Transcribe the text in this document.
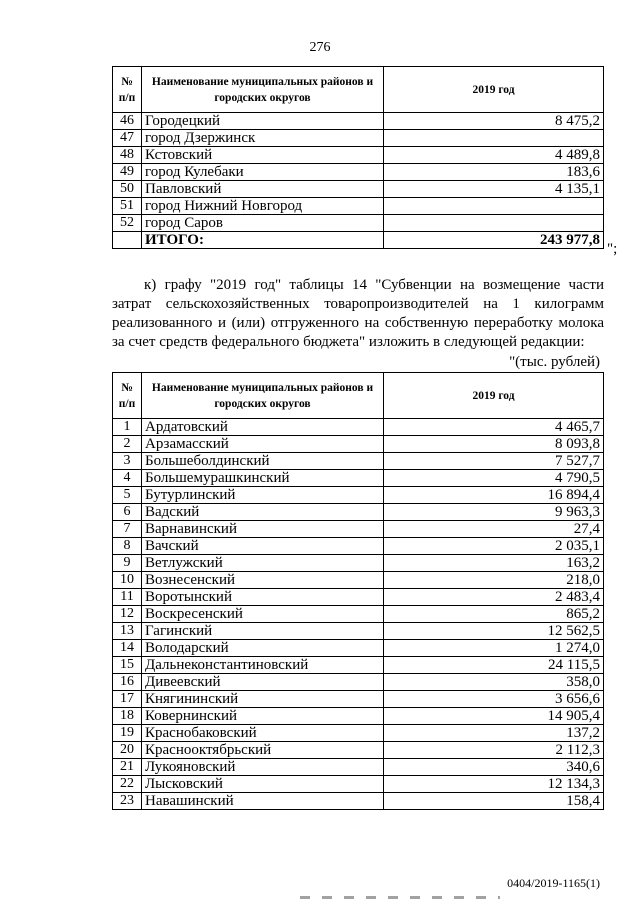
276
№ п/п	Наименование муниципальных районов и городских округов	2019 год
46	Городецкий	8 475,2
47	город Дзержинск	
48	Кстовский	4 489,8
49	город Кулебаки	183,6
50	Павловский	4 135,1
51	город Нижний Новгород	
52	город Саров	
	ИТОГО:	243 977,8
";

к) графу "2019 год" таблицы 14 "Субвенции на возмещение части затрат сельскохозяйственных товаропроизводителей на 1 килограмм реализованного и (или) отгруженного на собственную переработку молока за счет средств федерального бюджета" изложить в следующей редакции:

"(тыс. рублей)
№ п/п	Наименование муниципальных районов и городских округов	2019 год
1	Ардатовский	4 465,7
2	Арзамасский	8 093,8
3	Большеболдинский	7 527,7
4	Большемурашкинский	4 790,5
5	Бутурлинский	16 894,4
6	Вадский	9 963,3
7	Варнавинский	27,4
8	Вачский	2 035,1
9	Ветлужский	163,2
10	Вознесенский	218,0
11	Воротынский	2 483,4
12	Воскресенский	865,2
13	Гагинский	12 562,5
14	Володарский	1 274,0
15	Дальнеконстантиновский	24 115,5
16	Дивеевский	358,0
17	Княгининский	3 656,6
18	Ковернинский	14 905,4
19	Краснобаковский	137,2
20	Краснооктябрьский	2 112,3
21	Лукояновский	340,6
22	Лысковский	12 134,3
23	Навашинский	158,4
0404/2019-1165(1)
